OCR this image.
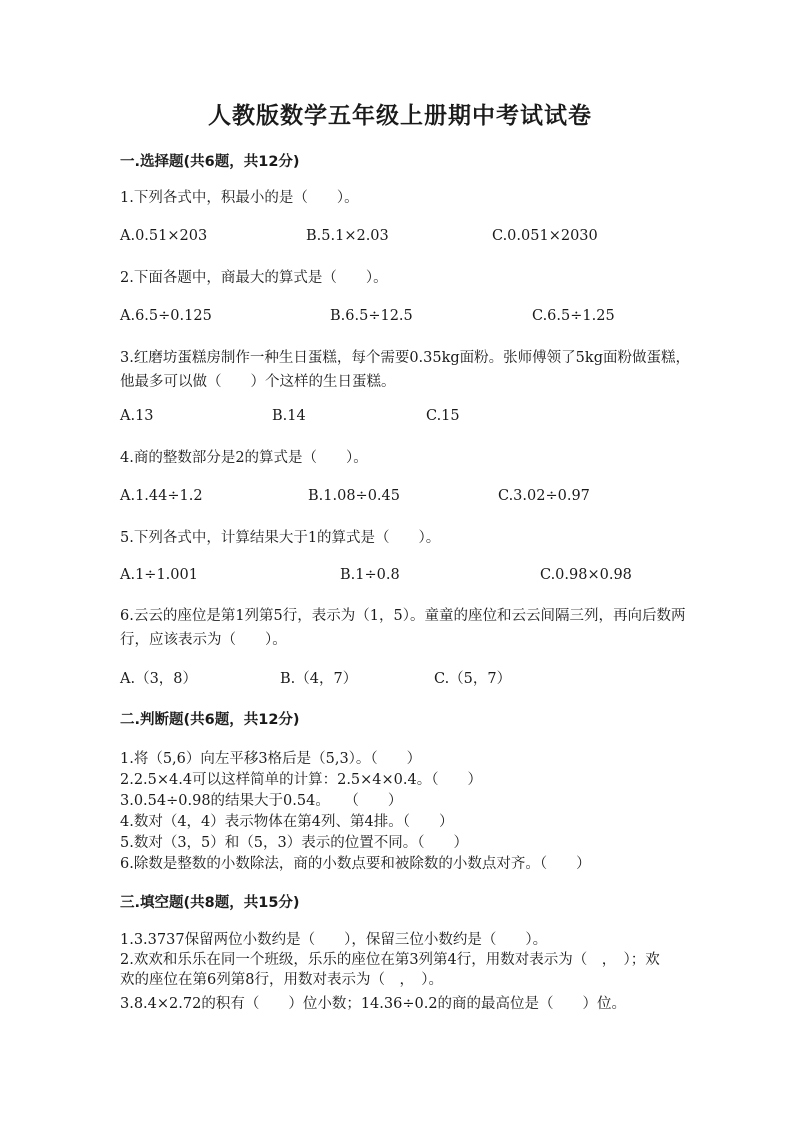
人教版数学五年级上册期中考试试卷
一.选择题(共6题，共12分)
1.下列各式中，积最小的是（　　）。
A.0.51×203	B.5.1×2.03	C.0.051×2030
2.下面各题中，商最大的算式是（　　）。
A.6.5÷0.125	B.6.5÷12.5	C.6.5÷1.25
3.红磨坊蛋糕房制作一种生日蛋糕，每个需要0.35kg面粉。张师傅领了5kg面粉做蛋糕，他最多可以做（　　）个这样的生日蛋糕。
A.13	B.14	C.15
4.商的整数部分是2的算式是（　　）。
A.1.44÷1.2	B.1.08÷0.45	C.3.02÷0.97
5.下列各式中，计算结果大于1的算式是（　　）。
A.1÷1.001	B.1÷0.8	C.0.98×0.98
6.云云的座位是第1列第5行，表示为（1，5）。童童的座位和云云间隔三列，再向后数两行，应该表示为（　　）。
A.（3，8）	B.（4，7）	C.（5，7）
二.判断题(共6题，共12分)
1.将（5,6）向左平移3格后是（5,3）。（　　）
2.2.5×4.4可以这样简单的计算：2.5×4×0.4。（　　）
3.0.54÷0.98的结果大于0.54。　　（　　）
4.数对（4，4）表示物体在第4列、第4排。（　　）
5.数对（3，5）和（5，3）表示的位置不同。（　　）
6.除数是整数的小数除法，商的小数点要和被除数的小数点对齐。（　　）
三.填空题(共8题，共15分)
1.3.3737保留两位小数约是（　　），保留三位小数约是（　　）。
2.欢欢和乐乐在同一个班级，乐乐的座位在第3列第4行，用数对表示为（　，　）；欢欢的座位在第6列第8行，用数对表示为（　，　）。
3.8.4×2.72的积有（　　）位小数；14.36÷0.2的商的最高位是（　　）位。
